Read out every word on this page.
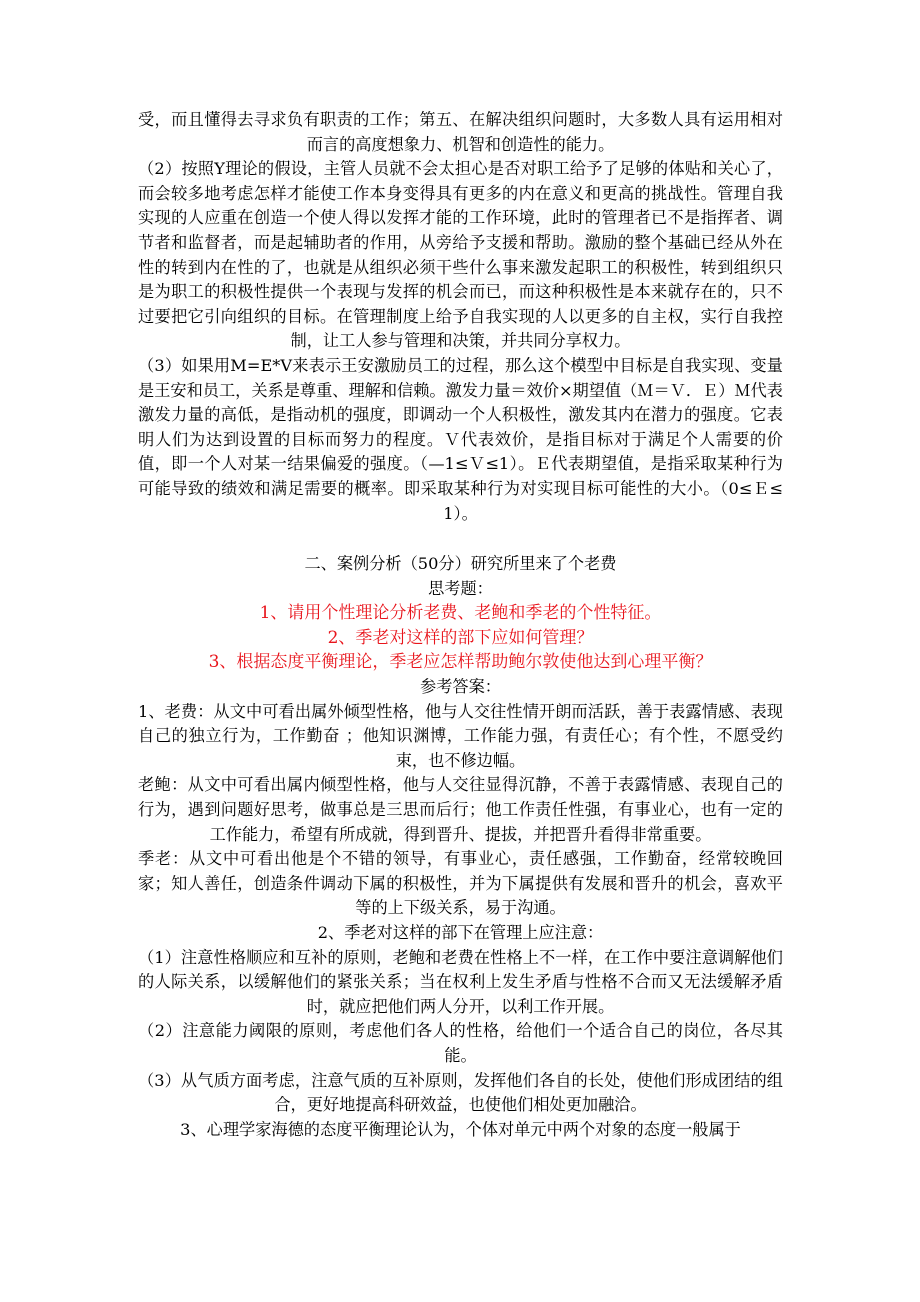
受，而且懂得去寻求负有职责的工作；第五、在解决组织问题时，大多数人具有运用相对而言的高度想象力、机智和创造性的能力。

（2）按照Y理论的假设，主管人员就不会太担心是否对职工给予了足够的体贴和关心了，而会较多地考虑怎样才能使工作本身变得具有更多的内在意义和更高的挑战性。管理自我实现的人应重在创造一个使人得以发挥才能的工作环境，此时的管理者已不是指挥者、调节者和监督者，而是起辅助者的作用，从旁给予支援和帮助。激励的整个基础已经从外在性的转到内在性的了，也就是从组织必须干些什么事来激发起职工的积极性，转到组织只是为职工的积极性提供一个表现与发挥的机会而已，而这种积极性是本来就存在的，只不过要把它引向组织的目标。在管理制度上给予自我实现的人以更多的自主权，实行自我控制，让工人参与管理和决策，并共同分享权力。

（3）如果用M=E*V来表示王安激励员工的过程，那么这个模型中目标是自我实现、变量是王安和员工，关系是尊重、理解和信赖。激发力量＝效价×期望值（Ｍ＝Ｖ．Ｅ）Ｍ代表激发力量的高低，是指动机的强度，即调动一个人积极性，激发其内在潜力的强度。它表明人们为达到设置的目标而努力的程度。Ｖ代表效价，是指目标对于满足个人需要的价值，即一个人对某一结果偏爱的强度。（—1≤Ｖ≤1）。Ｅ代表期望值，是指采取某种行为可能导致的绩效和满足需要的概率。即采取某种行为对实现目标可能性的大小。（0≤Ｅ≤1）。

二、案例分析（50分）研究所里来了个老费

思考题：

1、请用个性理论分析老费、老鲍和季老的个性特征。

2、季老对这样的部下应如何管理？

3、根据态度平衡理论，季老应怎样帮助鲍尔敦使他达到心理平衡？

参考答案：

1、老费：从文中可看出属外倾型性格，他与人交往性情开朗而活跃，善于表露情感、表现自己的独立行为，工作勤奋 ；他知识渊博，工作能力强，有责任心；有个性，不愿受约束，也不修边幅。

老鲍：从文中可看出属内倾型性格，他与人交往显得沉静，不善于表露情感、表现自己的行为，遇到问题好思考，做事总是三思而后行；他工作责任性强，有事业心，也有一定的工作能力，希望有所成就，得到晋升、提拔，并把晋升看得非常重要。

季老：从文中可看出他是个不错的领导，有事业心，责任感强，工作勤奋，经常较晚回家；知人善任，创造条件调动下属的积极性，并为下属提供有发展和晋升的机会，喜欢平等的上下级关系，易于沟通。

2、季老对这样的部下在管理上应注意：

（1）注意性格顺应和互补的原则，老鲍和老费在性格上不一样，在工作中要注意调解他们的人际关系，以缓解他们的紧张关系；当在权利上发生矛盾与性格不合而又无法缓解矛盾时，就应把他们两人分开，以利工作开展。

（2）注意能力阈限的原则，考虑他们各人的性格，给他们一个适合自己的岗位，各尽其能。

（3）从气质方面考虑，注意气质的互补原则，发挥他们各自的长处，使他们形成团结的组合，更好地提高科研效益，也使他们相处更加融洽。

3、心理学家海德的态度平衡理论认为，个体对单元中两个对象的态度一般属于
